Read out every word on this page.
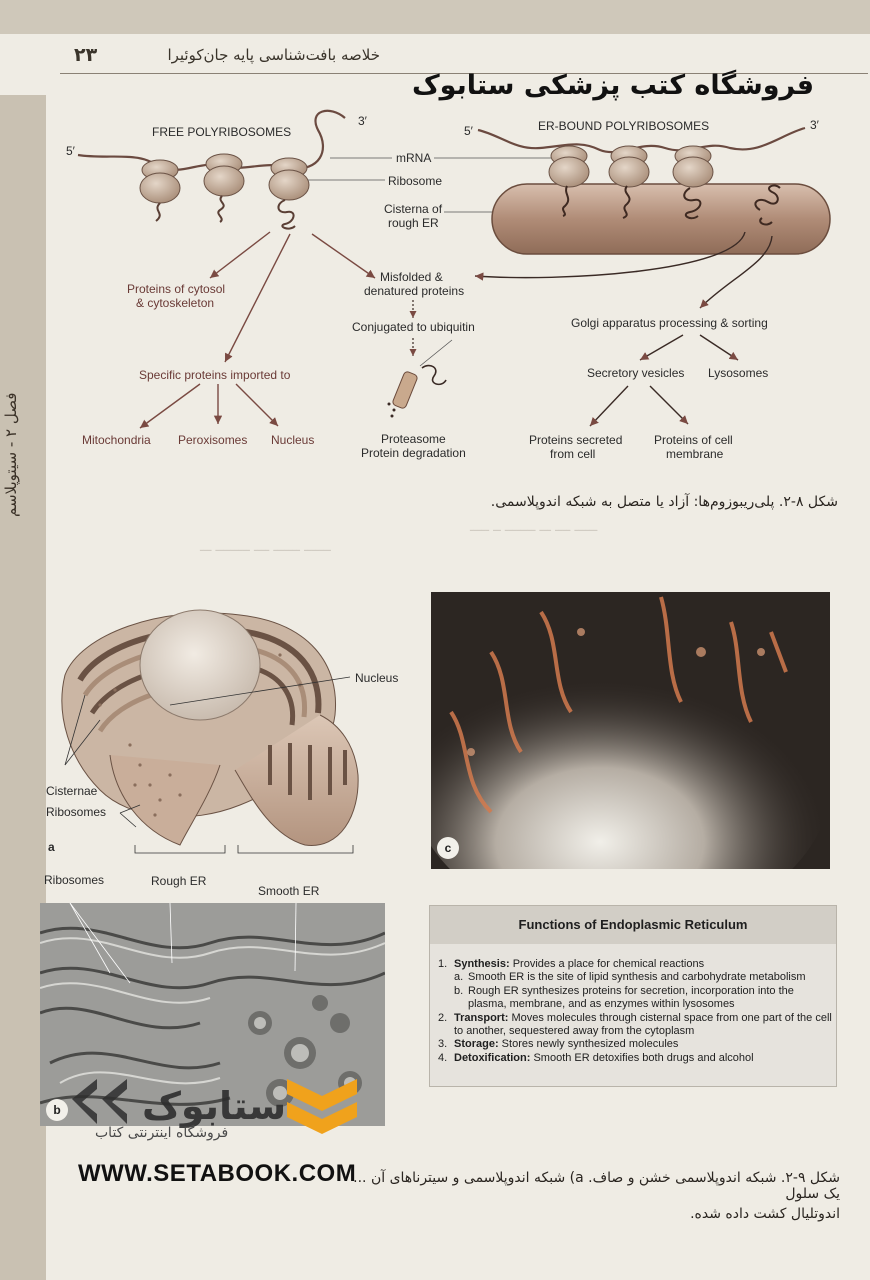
فصل ۲ - سیتوپلاسم
۲۳	خلاصه بافت‌شناسی پایه جان‌کوئیرا
فروشگاه کتب پزشکی ستابوک
ــــــ ــــ ـــ ــــــــ ــ ـــــ
ـــــــ ـــــــ ــــ ـــــــــ ـــ
FREE POLYRIBOSOMES	ER-BOUND POLYRIBOSOMES
5′
3′
5′	3′
mRNA
Ribosome
Cisterna of
rough ER
Proteins of cytosol
& cytoskeleton
Specific proteins imported to
Mitochondria Peroxisomes Nucleus
Misfolded &
denatured proteins
Conjugated to ubiquitin
Proteasome
Protein degradation
Golgi apparatus processing & sorting
Secretory vesicles Lysosomes
Proteins secreted
from cell
Proteins of cell
membrane
شکل ۸-۲. پلی‌ریبوزوم‌ها: آزاد یا متصل به شبکه اندوپلاسمی.
Nucleus
Cisternae
Ribosomes
a
Ribosomes	Rough ER
Smooth ER
b
c
Functions of Endoplasmic Reticulum
1. Synthesis: Provides a place for chemical reactions
a. Smooth ER is the site of lipid synthesis and carbohydrate metabolism
b. Rough ER synthesizes proteins for secretion, incorporation into the plasma, membrane, and as enzymes within lysosomes
2. Transport: Moves molecules through cisternal space from one part of the cell to another, sequestered away from the cytoplasm
3. Storage: Stores newly synthesized molecules
4. Detoxification: Smooth ER detoxifies both drugs and alcohol
ستابوک
فروشگاه اینترنتی کتاب
WWW.SETABOOK.COM
شکل ۹-۲. شبکه اندوپلاسمی خشن و صاف. a) شبکه اندوپلاسمی و سیترناهای آن ... یک سلول
اندوتلیال کشت داده شده.
